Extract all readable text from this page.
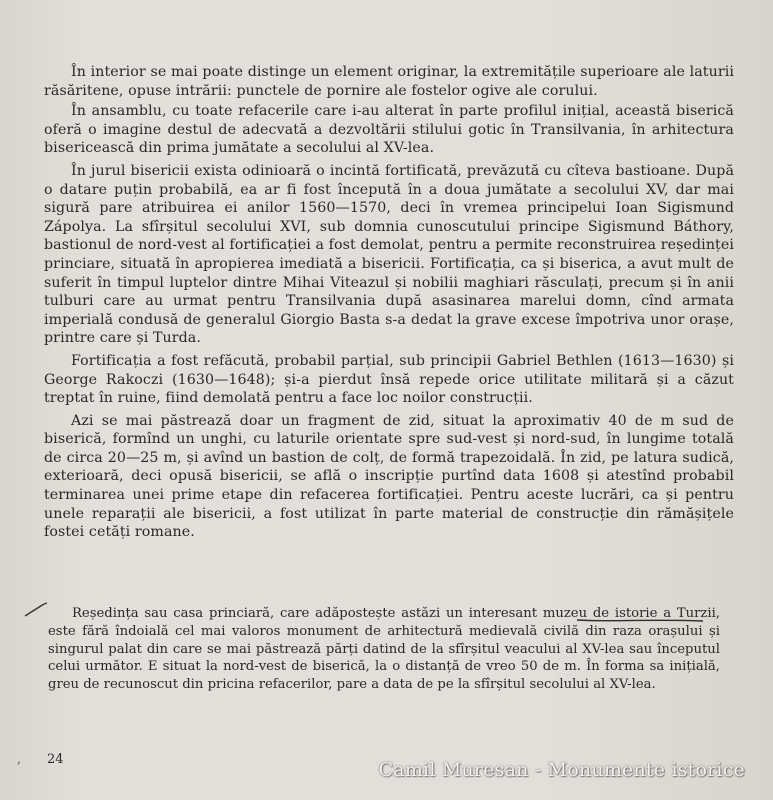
În interior se mai poate distinge un element originar, la extremitățile superioare ale laturii răsăritene, opuse intrării: punctele de pornire ale fostelor ogive ale corului.

În ansamblu, cu toate refacerile care i-au alterat în parte profilul inițial, această biserică oferă o imagine destul de adecvată a dezvoltării stilului gotic în Transilvania, în arhitectura bisericească din prima jumătate a secolului al XV-lea.

În jurul bisericii exista odinioară o incintă fortificată, prevăzută cu cîteva bastioane. După o datare puțin probabilă, ea ar fi fost începută în a doua jumătate a secolului XV, dar mai sigură pare atribuirea ei anilor 1560—1570, deci în vremea principelui Ioan Sigismund Zápolya. La sfîrșitul secolului XVI, sub domnia cunoscutului principe Sigismund Báthory, bastionul de nord-vest al fortificației a fost demolat, pentru a permite reconstruirea reședinței princiare, situată în apropierea imediată a bisericii. Fortificația, ca și biserica, a avut mult de suferit în timpul luptelor dintre Mihai Viteazul și nobilii maghiari răsculați, precum și în anii tulburi care au urmat pentru Transilvania după asasinarea marelui domn, cînd armata imperială condusă de generalul Giorgio Basta s-a dedat la grave excese împotriva unor orașe, printre care și Turda.

Fortificația a fost refăcută, probabil parțial, sub principii Gabriel Bethlen (1613—1630) și George Rakoczi (1630—1648); și-a pierdut însă repede orice utilitate militară și a căzut treptat în ruine, fiind demolată pentru a face loc noilor construcții.

Azi se mai păstrează doar un fragment de zid, situat la aproximativ 40 de m sud de biserică, formînd un unghi, cu laturile orientate spre sud-vest și nord-sud, în lungime totală de circa 20—25 m, și avînd un bastion de colț, de formă trapezoidală. În zid, pe latura sudică, exterioară, deci opusă bisericii, se află o inscripție purtînd data 1608 și atestînd probabil terminarea unei prime etape din refacerea fortificației. Pentru aceste lucrări, ca și pentru unele reparații ale bisericii, a fost utilizat în parte material de construcție din rămășițele fostei cetăți romane.

Reședința sau casa princiară, care adăpostește astăzi un interesant muzeu de istorie a Turzii, este fără îndoială cel mai valoros monument de arhitectură medievală civilă din raza orașului și singurul palat din care se mai păstrează părți datind de la sfîrșitul veacului al XV-lea sau începutul celui următor. E situat la nord-vest de biserică, la o distanță de vreo 50 de m. În forma sa inițială, greu de recunoscut din pricina refacerilor, pare a data de pe la sfîrșitul secolului al XV-lea.

, 24	Camil Muresan - Monumente istorice
